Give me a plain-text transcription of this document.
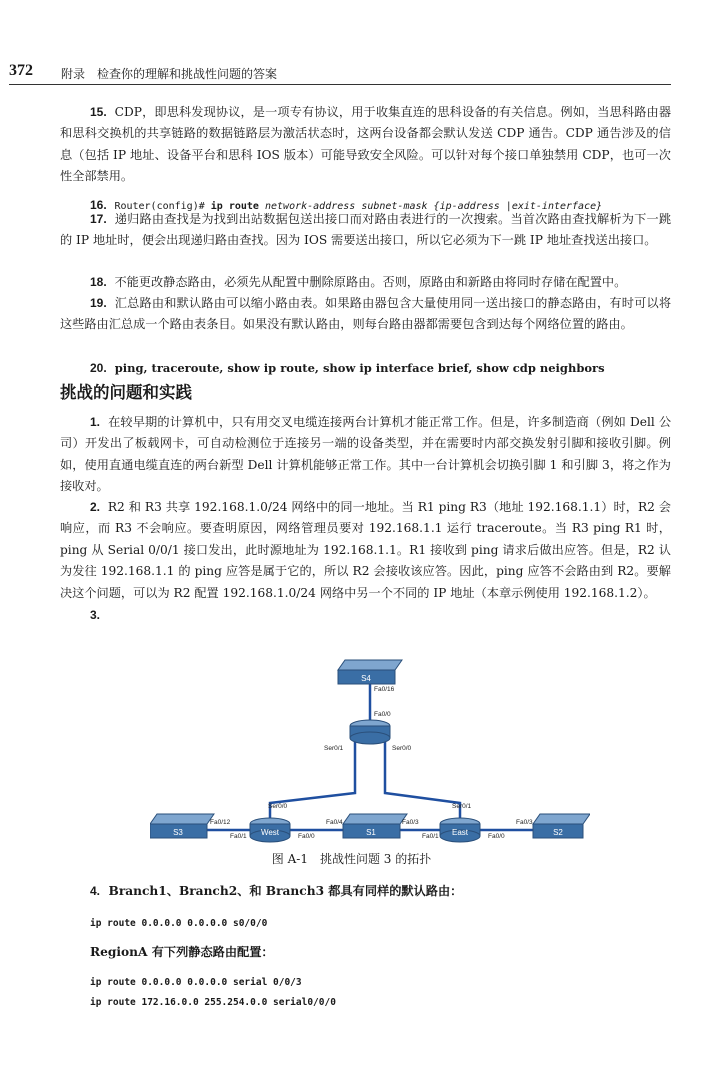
372 附录　检查你的理解和挑战性问题的答案
15. CDP，即思科发现协议，是一项专有协议，用于收集直连的思科设备的有关信息。例如，当思科路由器和思科交换机的共享链路的数据链路层为激活状态时，这两台设备都会默认发送 CDP 通告。CDP 通告涉及的信息（包括 IP 地址、设备平台和思科 IOS 版本）可能导致安全风险。可以针对每个接口单独禁用 CDP，也可一次性全部禁用。
16. Router(config)# ip route network-address subnet-mask {ip-address |exit-interface}
17. 递归路由查找是为找到出站数据包送出接口而对路由表进行的一次搜索。当首次路由查找解析为下一跳的 IP 地址时，便会出现递归路由查找。因为 IOS 需要送出接口，所以它必须为下一跳 IP 地址查找送出接口。
18. 不能更改静态路由，必须先从配置中删除原路由。否则，原路由和新路由将同时存储在配置中。
19. 汇总路由和默认路由可以缩小路由表。如果路由器包含大量使用同一送出接口的静态路由，有时可以将这些路由汇总成一个路由表条目。如果没有默认路由，则每台路由器都需要包含到达每个网络位置的路由。
20. ping, traceroute, show ip route, show ip interface brief, show cdp neighbors
挑战的问题和实践
1. 在较早期的计算机中，只有用交叉电缆连接两台计算机才能正常工作。但是，许多制造商（例如 Dell 公司）开发出了板载网卡，可自动检测位于连接另一端的设备类型，并在需要时内部交换发射引脚和接收引脚。例如，使用直通电缆直连的两台新型 Dell 计算机能够正常工作。其中一台计算机会切换引脚 1 和引脚 3，将之作为接收对。
2. R2 和 R3 共享 192.168.1.0/24 网络中的同一地址。当 R1 ping R3（地址 192.168.1.1）时，R2 会响应，而 R3 不会响应。要查明原因，网络管理员要对 192.168.1.1 运行 traceroute。当 R3 ping R1 时，ping 从 Serial 0/0/1 接口发出，此时源地址为 192.168.1.1。R1 接收到 ping 请求后做出应答。但是，R2 认为发往 192.168.1.1 的 ping 应答是属于它的，所以 R2 会接收该应答。因此，ping 应答不会路由到 R2。要解决这个问题，可以为 R2 配置 192.168.1.0/24 网络中另一个不同的 IP 地址（本章示例使用 192.168.1.2）。
3.
S4
HQ
West	East
S1
S3	S2
Fa0/16
Fa0/0
Ser0/1	Ser0/0
Ser0/0	Ser0/1
Fa0/12
Fa0/1	Fa0/0
Fa0/4	Fa0/3
Fa0/1	Fa0/0
Fa0/3
图 A-1　挑战性问题 3 的拓扑
4. Branch1、Branch2、和 Branch3 都具有同样的默认路由：
ip route 0.0.0.0 0.0.0.0 s0/0/0
RegionA 有下列静态路由配置：
ip route 0.0.0.0 0.0.0.0 serial 0/0/3
ip route 172.16.0.0 255.254.0.0 serial0/0/0
